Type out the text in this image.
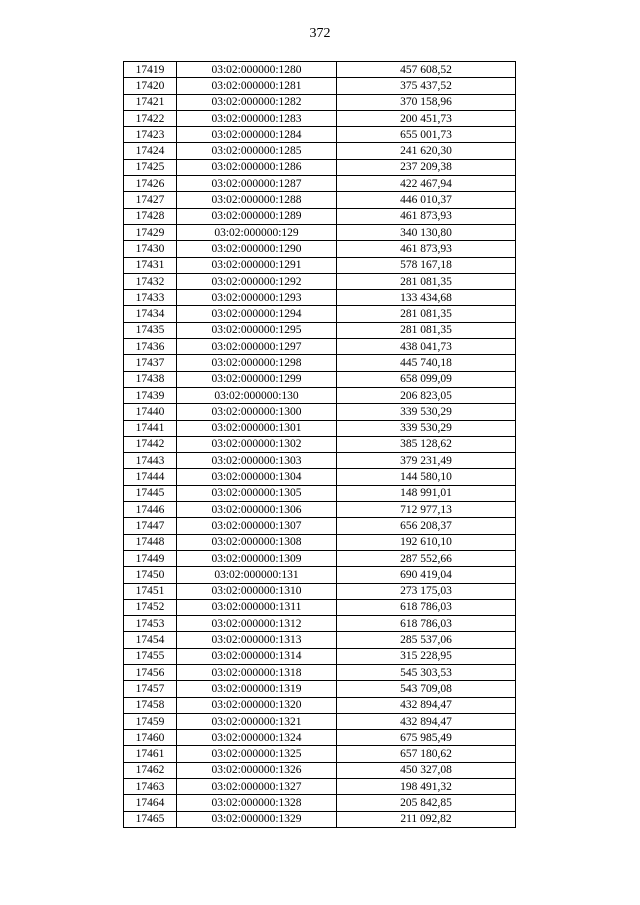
372
17419	03:02:000000:1280	457 608,52
17420	03:02:000000:1281	375 437,52
17421	03:02:000000:1282	370 158,96
17422	03:02:000000:1283	200 451,73
17423	03:02:000000:1284	655 001,73
17424	03:02:000000:1285	241 620,30
17425	03:02:000000:1286	237 209,38
17426	03:02:000000:1287	422 467,94
17427	03:02:000000:1288	446 010,37
17428	03:02:000000:1289	461 873,93
17429	03:02:000000:129	340 130,80
17430	03:02:000000:1290	461 873,93
17431	03:02:000000:1291	578 167,18
17432	03:02:000000:1292	281 081,35
17433	03:02:000000:1293	133 434,68
17434	03:02:000000:1294	281 081,35
17435	03:02:000000:1295	281 081,35
17436	03:02:000000:1297	438 041,73
17437	03:02:000000:1298	445 740,18
17438	03:02:000000:1299	658 099,09
17439	03:02:000000:130	206 823,05
17440	03:02:000000:1300	339 530,29
17441	03:02:000000:1301	339 530,29
17442	03:02:000000:1302	385 128,62
17443	03:02:000000:1303	379 231,49
17444	03:02:000000:1304	144 580,10
17445	03:02:000000:1305	148 991,01
17446	03:02:000000:1306	712 977,13
17447	03:02:000000:1307	656 208,37
17448	03:02:000000:1308	192 610,10
17449	03:02:000000:1309	287 552,66
17450	03:02:000000:131	690 419,04
17451	03:02:000000:1310	273 175,03
17452	03:02:000000:1311	618 786,03
17453	03:02:000000:1312	618 786,03
17454	03:02:000000:1313	285 537,06
17455	03:02:000000:1314	315 228,95
17456	03:02:000000:1318	545 303,53
17457	03:02:000000:1319	543 709,08
17458	03:02:000000:1320	432 894,47
17459	03:02:000000:1321	432 894,47
17460	03:02:000000:1324	675 985,49
17461	03:02:000000:1325	657 180,62
17462	03:02:000000:1326	450 327,08
17463	03:02:000000:1327	198 491,32
17464	03:02:000000:1328	205 842,85
17465	03:02:000000:1329	211 092,82
